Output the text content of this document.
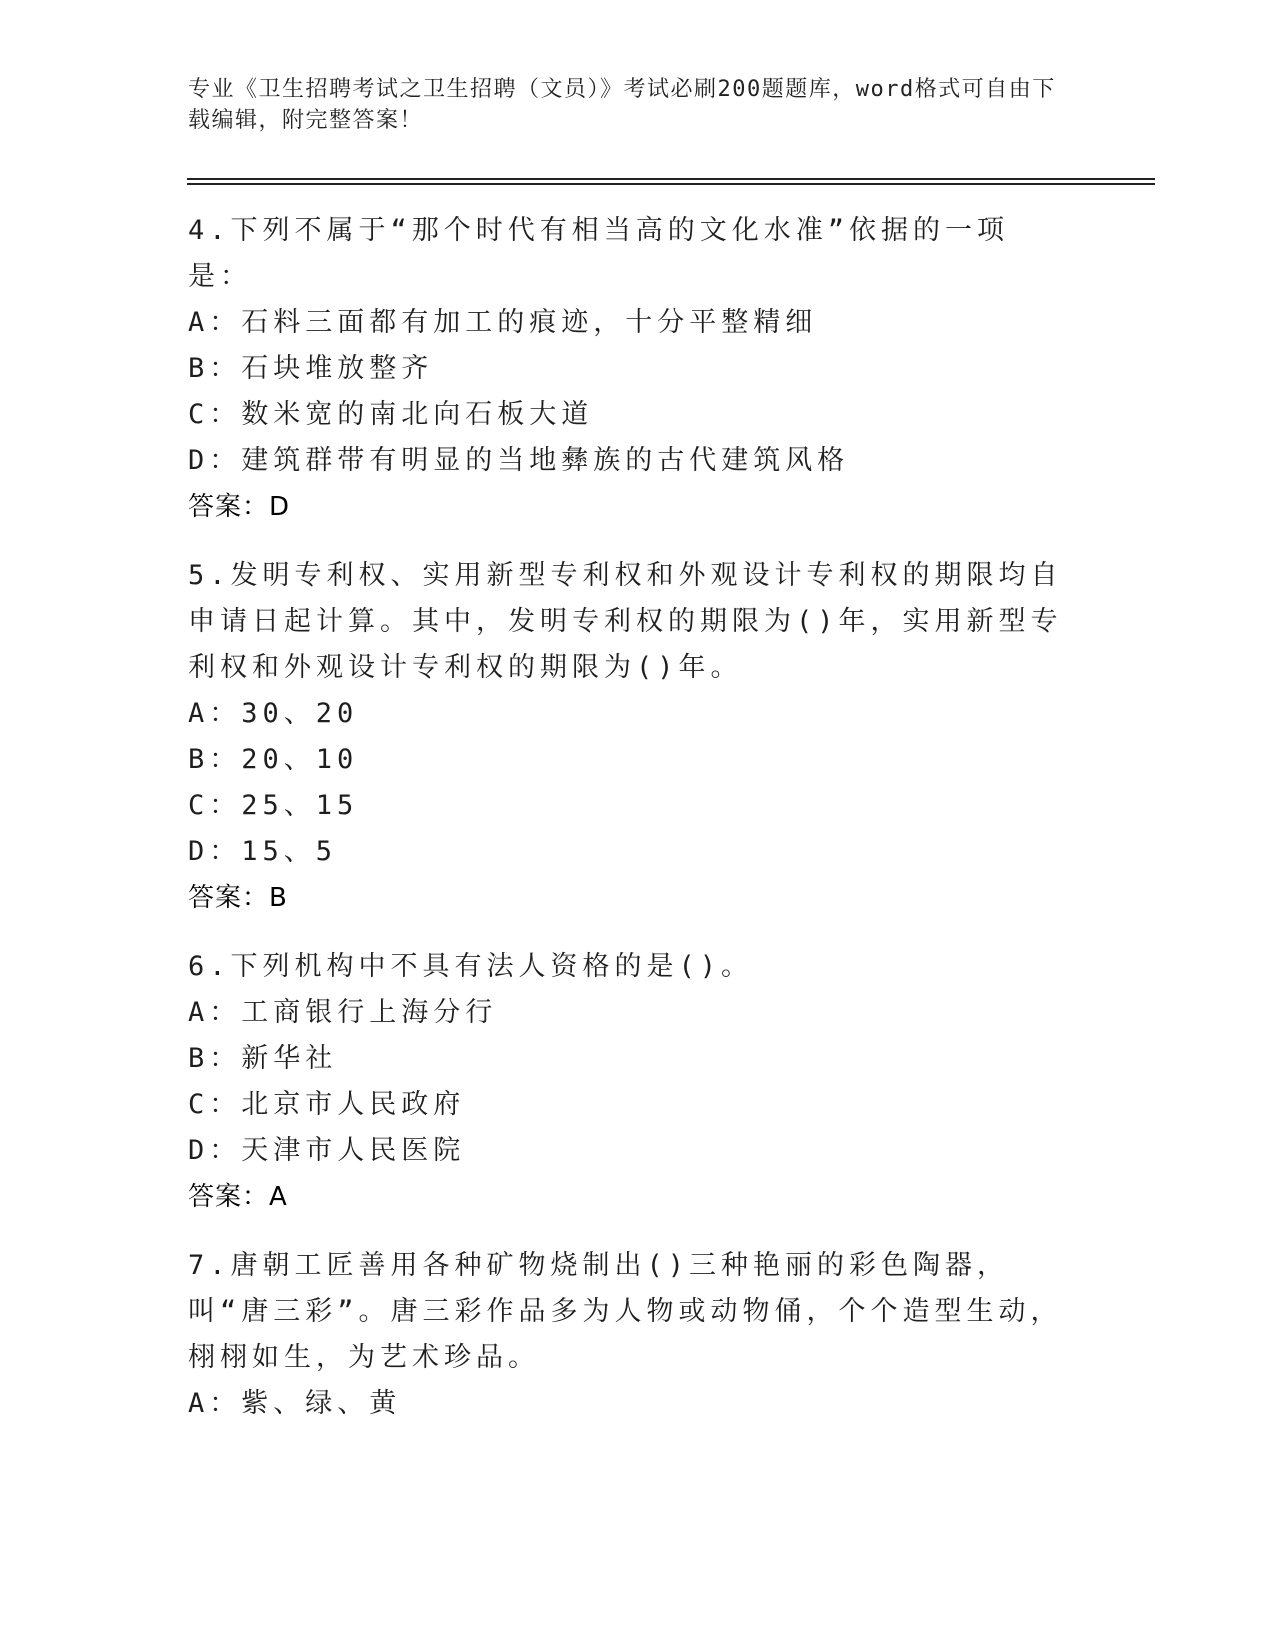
专业《卫生招聘考试之卫生招聘（文员）》考试必刷200题题库，word格式可自由下载编辑，附完整答案！
4.下列不属于“那个时代有相当高的文化水准”依据的一项是：
A：石料三面都有加工的痕迹，十分平整精细
B：石块堆放整齐
C：数米宽的南北向石板大道
D：建筑群带有明显的当地彝族的古代建筑风格
答案：D
5.发明专利权、实用新型专利权和外观设计专利权的期限均自申请日起计算。其中，发明专利权的期限为()年，实用新型专利权和外观设计专利权的期限为()年。
A：30、20
B：20、10
C：25、15
D：15、5
答案：B
6.下列机构中不具有法人资格的是()。
A：工商银行上海分行
B：新华社
C：北京市人民政府
D：天津市人民医院
答案：A
7.唐朝工匠善用各种矿物烧制出()三种艳丽的彩色陶器，叫“唐三彩”。唐三彩作品多为人物或动物俑，个个造型生动，栩栩如生，为艺术珍品。
A：紫、绿、黄
